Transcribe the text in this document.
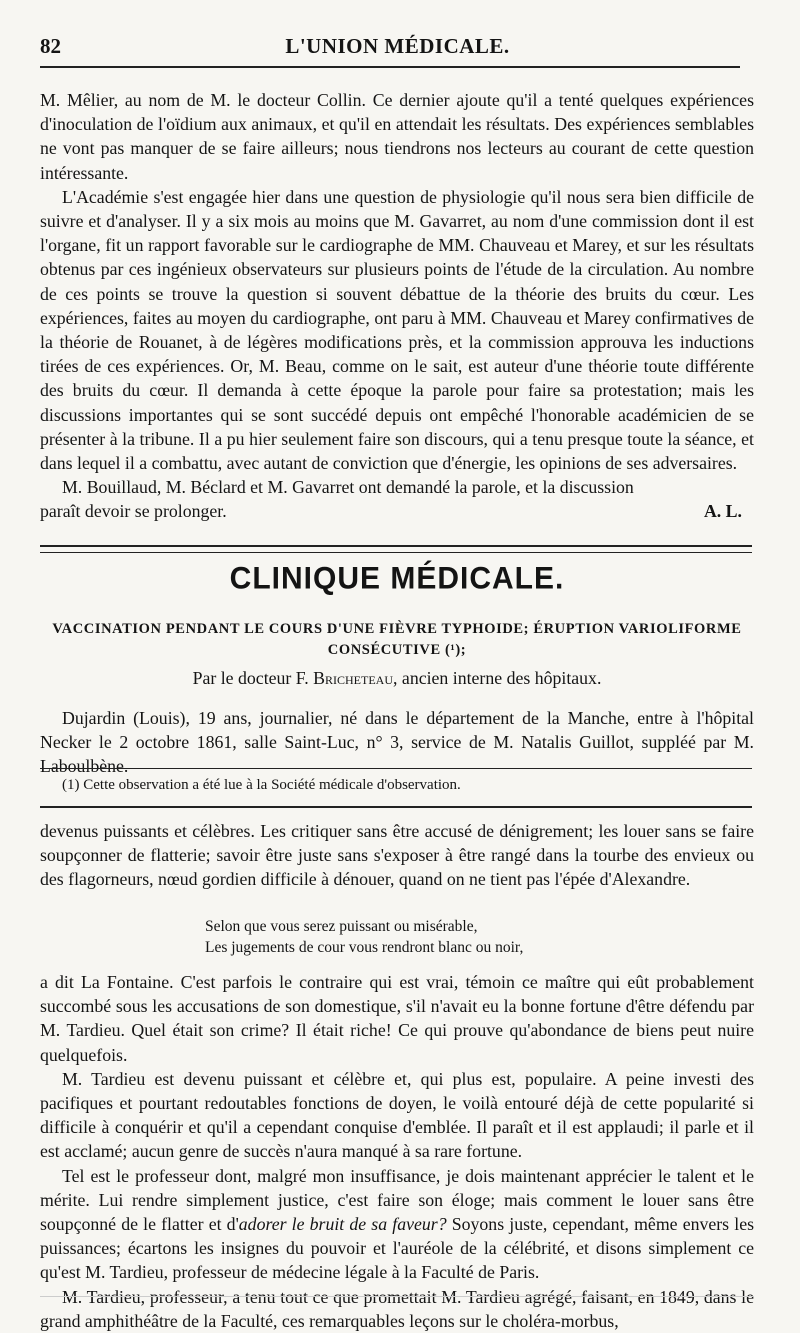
82	L'UNION MÉDICALE.

M. Mêlier, au nom de M. le docteur Collin. Ce dernier ajoute qu'il a tenté quelques expériences d'inoculation de l'oïdium aux animaux, et qu'il en attendait les résultats. Des expériences semblables ne vont pas manquer de se faire ailleurs; nous tiendrons nos lecteurs au courant de cette question intéressante.

L'Académie s'est engagée hier dans une question de physiologie qu'il nous sera bien difficile de suivre et d'analyser. Il y a six mois au moins que M. Gavarret, au nom d'une commission dont il est l'organe, fit un rapport favorable sur le cardiographe de MM. Chauveau et Marey, et sur les résultats obtenus par ces ingénieux observateurs sur plusieurs points de l'étude de la circulation. Au nombre de ces points se trouve la question si souvent débattue de la théorie des bruits du cœur. Les expériences, faites au moyen du cardiographe, ont paru à MM. Chauveau et Marey confirmatives de la théorie de Rouanet, à de légères modifications près, et la commission approuva les inductions tirées de ces expériences. Or, M. Beau, comme on le sait, est auteur d'une théorie toute différente des bruits du cœur. Il demanda à cette époque la parole pour faire sa protestation; mais les discussions importantes qui se sont succédé depuis ont empêché l'honorable académicien de se présenter à la tribune. Il a pu hier seulement faire son discours, qui a tenu presque toute la séance, et dans lequel il a combattu, avec autant de conviction que d'énergie, les opinions de ses adversaires.

M. Bouillaud, M. Béclard et M. Gavarret ont demandé la parole, et la discussion

paraît devoir se prolonger.	A. L.
CLINIQUE MÉDICALE.
VACCINATION PENDANT LE COURS D'UNE FIÈVRE TYPHOIDE; ÉRUPTION VARIOLIFORME
CONSÉCUTIVE (¹);
Par le docteur F. Bricheteau, ancien interne des hôpitaux.

Dujardin (Louis), 19 ans, journalier, né dans le département de la Manche, entre à l'hôpital Necker le 2 octobre 1861, salle Saint-Luc, n° 3, service de M. Natalis Guillot, suppléé par M. Laboulbène.

(1) Cette observation a été lue à la Société médicale d'observation.

devenus puissants et célèbres. Les critiquer sans être accusé de dénigrement; les louer sans se faire soupçonner de flatterie; savoir être juste sans s'exposer à être rangé dans la tourbe des envieux ou des flagorneurs, nœud gordien difficile à dénouer, quand on ne tient pas l'épée d'Alexandre.

Selon que vous serez puissant ou misérable,
Les jugements de cour vous rendront blanc ou noir,

a dit La Fontaine. C'est parfois le contraire qui est vrai, témoin ce maître qui eût probablement succombé sous les accusations de son domestique, s'il n'avait eu la bonne fortune d'être défendu par M. Tardieu. Quel était son crime? Il était riche! Ce qui prouve qu'abondance de biens peut nuire quelquefois.

M. Tardieu est devenu puissant et célèbre et, qui plus est, populaire. A peine investi des pacifiques et pourtant redoutables fonctions de doyen, le voilà entouré déjà de cette popularité si difficile à conquérir et qu'il a cependant conquise d'emblée. Il paraît et il est applaudi; il parle et il est acclamé; aucun genre de succès n'aura manqué à sa rare fortune.

Tel est le professeur dont, malgré mon insuffisance, je dois maintenant apprécier le talent et le mérite. Lui rendre simplement justice, c'est faire son éloge; mais comment le louer sans être soupçonné de le flatter et d'adorer le bruit de sa faveur? Soyons juste, cependant, même envers les puissances; écartons les insignes du pouvoir et l'auréole de la célébrité, et disons simplement ce qu'est M. Tardieu, professeur de médecine légale à la Faculté de Paris.

M. Tardieu, professeur, a tenu tout ce que promettait M. Tardieu agrégé, faisant, en 1849, dans le grand amphithéâtre de la Faculté, ces remarquables leçons sur le choléra-morbus,
